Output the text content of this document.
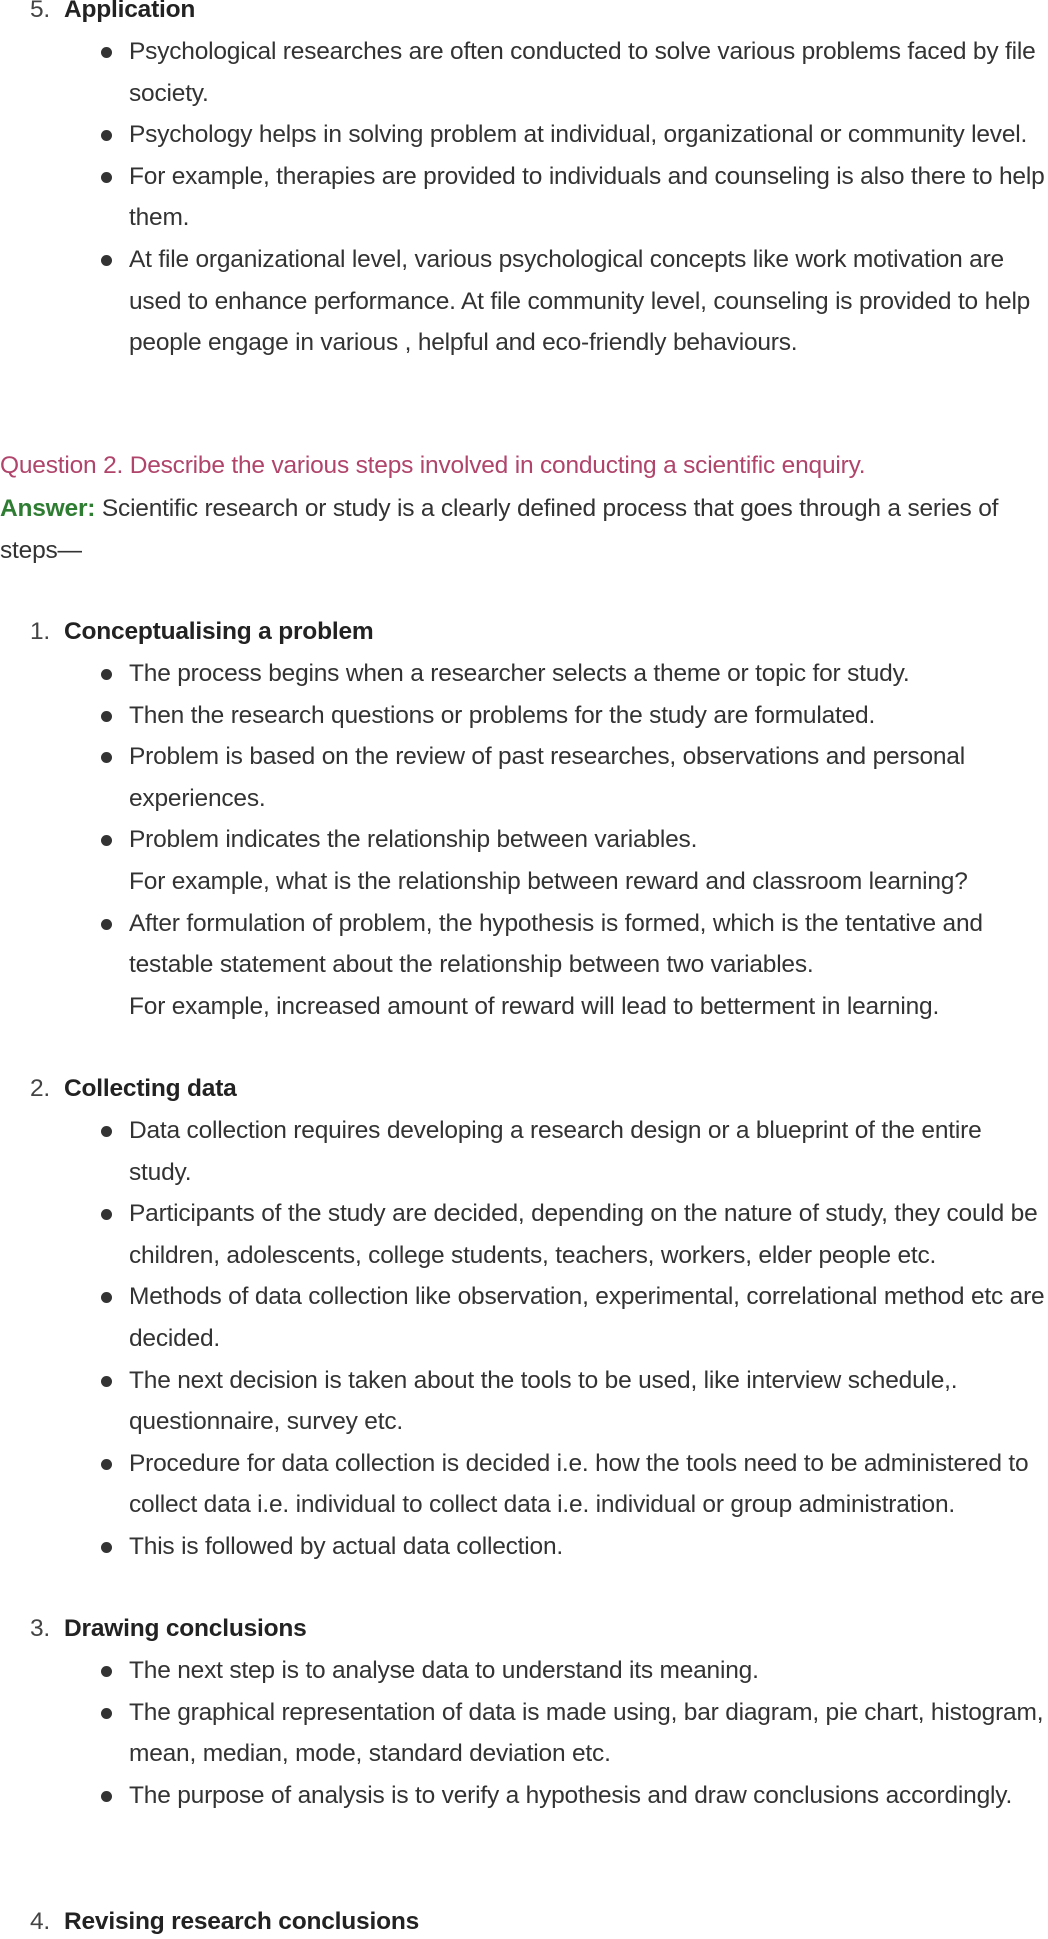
5. Application
Psychological researches are often conducted to solve various problems faced by file society.
Psychology helps in solving problem at individual, organizational or community level.
For example, therapies are provided to individuals and counseling is also there to help them.
At file organizational level, various psychological concepts like work motivation are used to enhance performance. At file community level, counseling is provided to help people engage in various , helpful and eco-friendly behaviours.
Question 2. Describe the various steps involved in conducting a scientific enquiry.
Answer: Scientific research or study is a clearly defined process that goes through a series of steps—
1. Conceptualising a problem
The process begins when a researcher selects a theme or topic for study.
Then the research questions or problems for the study are formulated.
Problem is based on the review of past researches, observations and personal experiences.
Problem indicates the relationship between variables.
For example, what is the relationship between reward and classroom learning?
After formulation of problem, the hypothesis is formed, which is the tentative and testable statement about the relationship between two variables.
For example, increased amount of reward will lead to betterment in learning.
2. Collecting data
Data collection requires developing a research design or a blueprint of the entire study.
Participants of the study are decided, depending on the nature of study, they could be children, adolescents, college students, teachers, workers, elder people etc.
Methods of data collection like observation, experimental, correlational method etc are decided.
The next decision is taken about the tools to be used, like interview schedule,. questionnaire, survey etc.
Procedure for data collection is decided i.e. how the tools need to be administered to collect data i.e. individual to collect data i.e. individual or group administration.
This is followed by actual data collection.
3. Drawing conclusions
The next step is to analyse data to understand its meaning.
The graphical representation of data is made using, bar diagram, pie chart, histogram, mean, median, mode, standard deviation etc.
The purpose of analysis is to verify a hypothesis and draw conclusions accordingly.
4. Revising research conclusions
